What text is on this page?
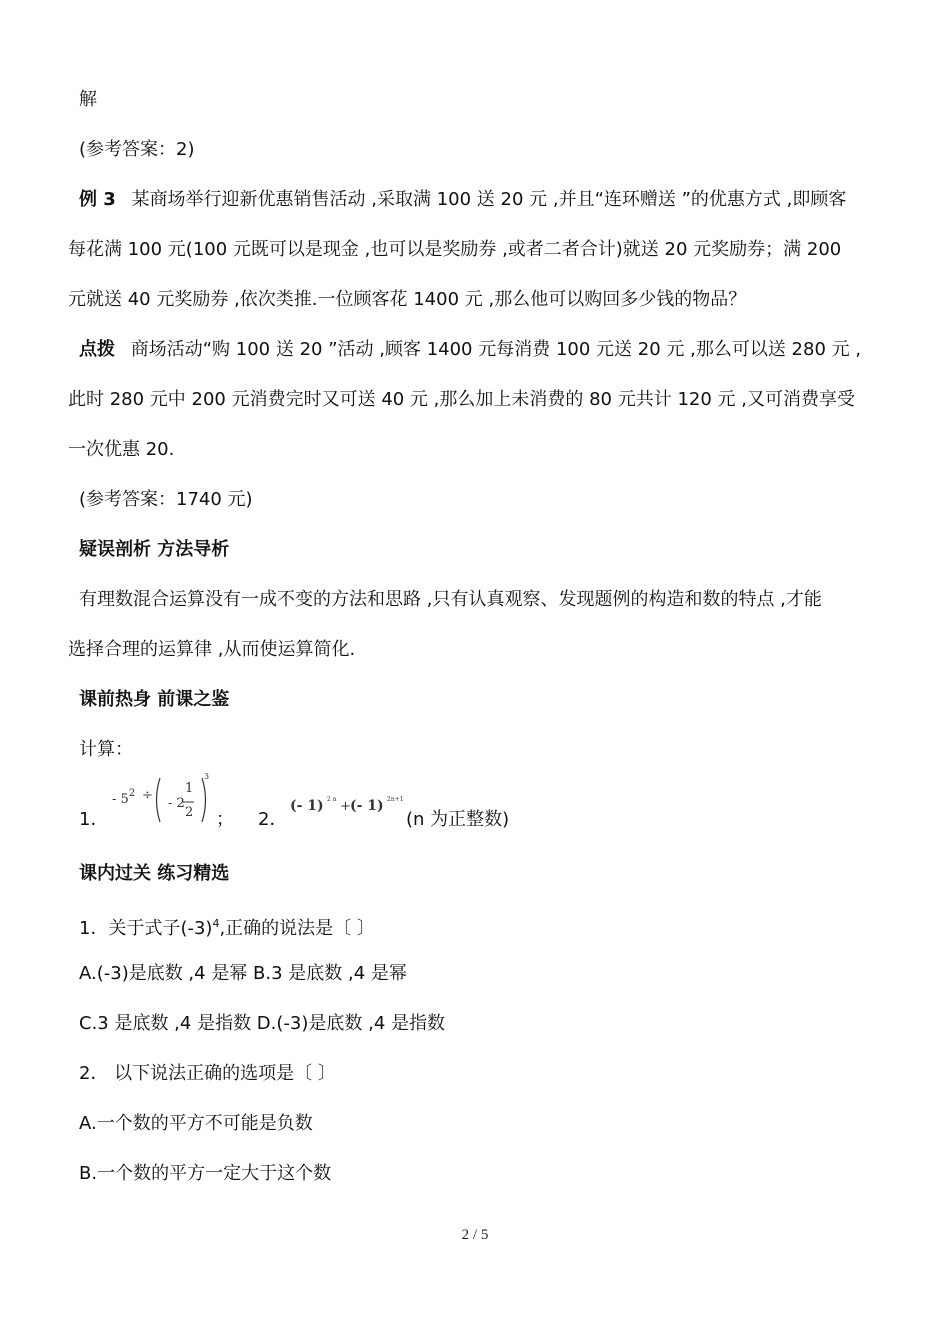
解
(参考答案：2)
例 3 某商场举行迎新优惠销售活动 ,采取满 100 送 20 元 ,并且“连环赠送 ”的优惠方式 ,即顾客
每花满 100 元(100 元既可以是现金 ,也可以是奖励券 ,或者二者合计)就送 20 元奖励券；满 200
元就送 40 元奖励券 ,依次类推.一位顾客花 1400 元 ,那么他可以购回多少钱的物品？
点拨 商场活动“购 100 送 20 ”活动 ,顾客 1400 元每消费 100 元送 20 元 ,那么可以送 280 元 ,
此时 280 元中 200 元消费完时又可送 40 元 ,那么加上未消费的 80 元共计 120 元 ,又可消费享受
一次优惠 20.
(参考答案：1740 元)
疑误剖析 方法导析
有理数混合运算没有一成不变的方法和思路 ,只有认真观察、发现题例的构造和数的特点 ,才能
选择合理的运算律 ,从而使运算简化.
课前热身 前课之鉴
计算：
1．
- $5^2$ ÷
- 2
1
2
3
； 2．
(- 1) 2 n + (- 1) 2n+1
(n 为正整数)
课内过关 练习精选
1．关于式子$(-3)^4$,正确的说法是〔 〕
A.(-3)是底数 ,4 是幂 B.3 是底数 ,4 是幂
C.3 是底数 ,4 是指数 D.(-3)是底数 ,4 是指数
2． 以下说法正确的选项是〔 〕
A.一个数的平方不可能是负数
B.一个数的平方一定大于这个数
2 / 5
